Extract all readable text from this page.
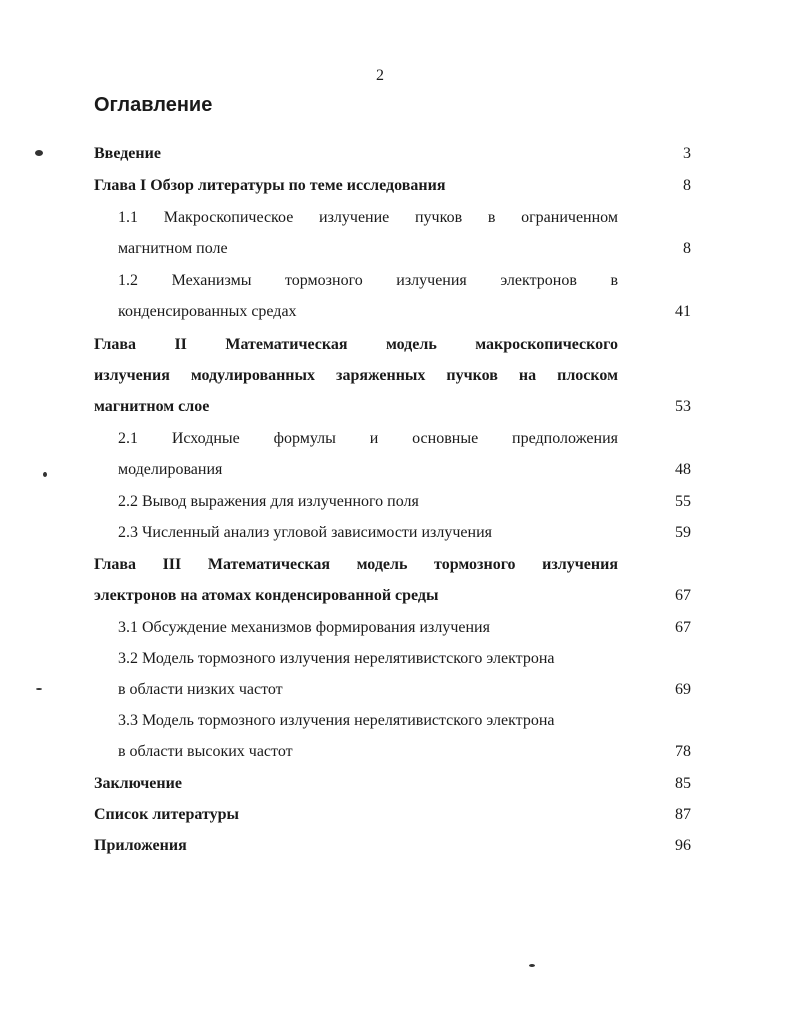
2
Оглавление
Введение	3
Глава I Обзор литературы по теме исследования	8
1.1 Макроскопическое излучение пучков в ограниченном
магнитном поле	8
1.2 Механизмы тормозного излучения электронов в
конденсированных средах	41
Глава II Математическая модель макроскопического
излучения модулированных заряженных пучков на плоском
магнитном слое	53
2.1 Исходные формулы и основные предположения
моделирования	48
2.2 Вывод выражения для излученного поля	55
2.3 Численный анализ угловой зависимости излучения	59
Глава III Математическая модель тормозного излучения
электронов на атомах конденсированной среды	67
3.1 Обсуждение механизмов формирования излучения	67
3.2 Модель тормозного излучения нерелятивистского электрона
в области низких частот	69
3.3 Модель тормозного излучения нерелятивистского электрона
в области высоких частот	78
Заключение	85
Список литературы	87
Приложения	96
